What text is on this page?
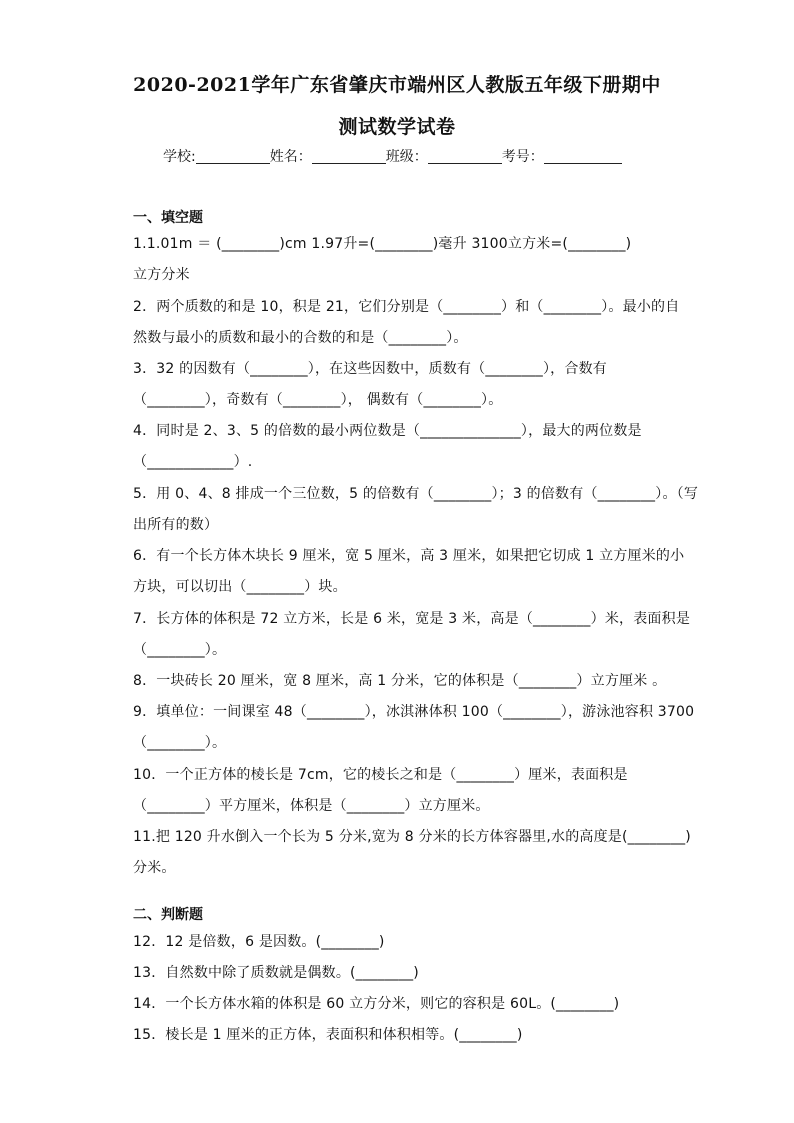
2020-2021学年广东省肇庆市端州区人教版五年级下册期中
测试数学试卷
学校:	姓名：	班级：	考号：
一、填空题
1.1.01m ＝ (________)cm 1.97升=(________)毫升 3100立方米=(________)
立方分米
2．两个质数的和是 10，积是 21，它们分别是（________）和（________）。最小的自
然数与最小的质数和最小的合数的和是（________）。
3．32 的因数有（________），在这些因数中，质数有（________），合数有
（________），奇数有（________）， 偶数有（________）。
4．同时是 2、3、5 的倍数的最小两位数是（______________），最大的两位数是
（____________）.
5．用 0、4、8 排成一个三位数，5 的倍数有（________）；3 的倍数有（________）。（写
出所有的数）
6．有一个长方体木块长 9 厘米，宽 5 厘米，高 3 厘米，如果把它切成 1 立方厘米的小
方块，可以切出（________）块。
7．长方体的体积是 72 立方米，长是 6 米，宽是 3 米，高是（________）米，表面积是
（________）。
8．一块砖长 20 厘米，宽 8 厘米，高 1 分米，它的体积是（________）立方厘米 。
9．填单位：一间课室 48（________），冰淇淋体积 100（________），游泳池容积 3700
（________）。
10．一个正方体的棱长是 7cm，它的棱长之和是（________）厘米，表面积是
（________）平方厘米，体积是（________）立方厘米。
11.把 120 升水倒入一个长为 5 分米,宽为 8 分米的长方体容器里,水的高度是(________)
分米。
二、判断题
12．12 是倍数，6 是因数。(________)
13．自然数中除了质数就是偶数。(________)
14．一个长方体水箱的体积是 60 立方分米，则它的容积是 60L。(________)
15．棱长是 1 厘米的正方体，表面积和体积相等。(________)
